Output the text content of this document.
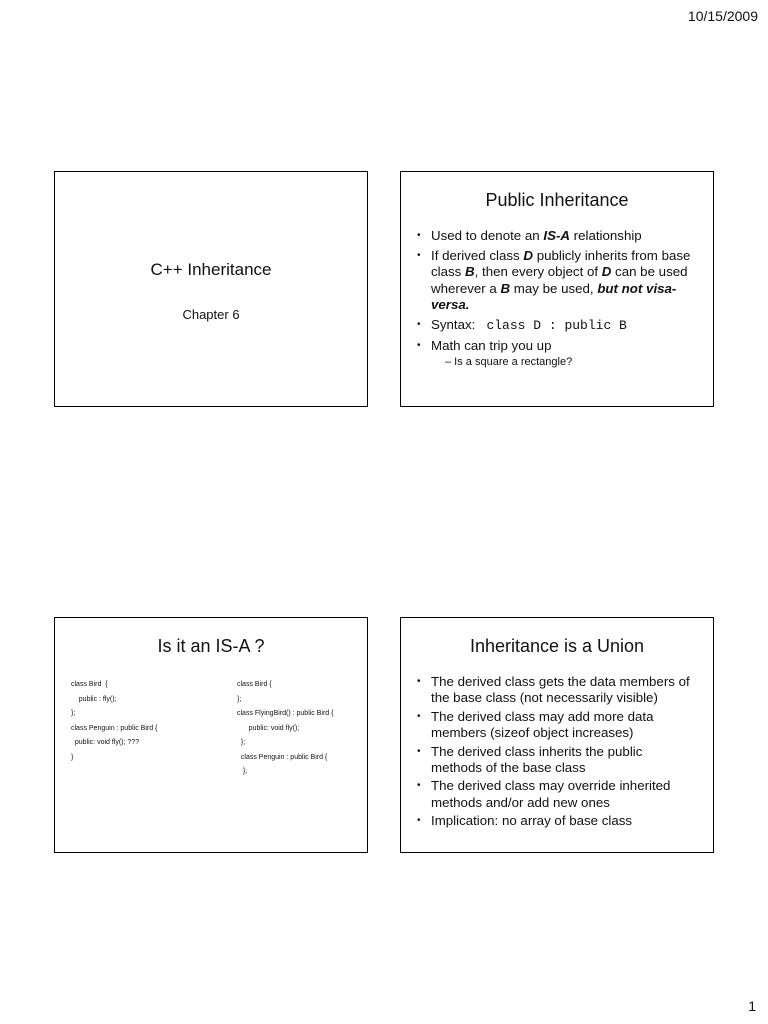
10/15/2009
C++ Inheritance
Chapter 6
Public Inheritance
• Used to denote an IS-A relationship
• If derived class D publicly inherits from base class B, then every object of D can be used wherever a B may be used, but not visa-versa.
• Syntax:   class D : public B
• Math can trip you up
– Is a square a rectangle?
Is it an IS-A ?
class Bird  {
public : fly();
};
class Penguin : public Bird {
public: void fly(); ???
}
class Bird {
};
class FlyingBird() : public Bird {
public: void fly();
};
class Penguin : public Bird {
};
Inheritance is a Union
• The derived class gets the data members of the base class (not necessarily visible)
• The derived class may add more data members (sizeof object increases)
• The derived class inherits the public methods of the base class
• The derived class may override inherited methods and/or add new ones
• Implication: no array of base class
1
